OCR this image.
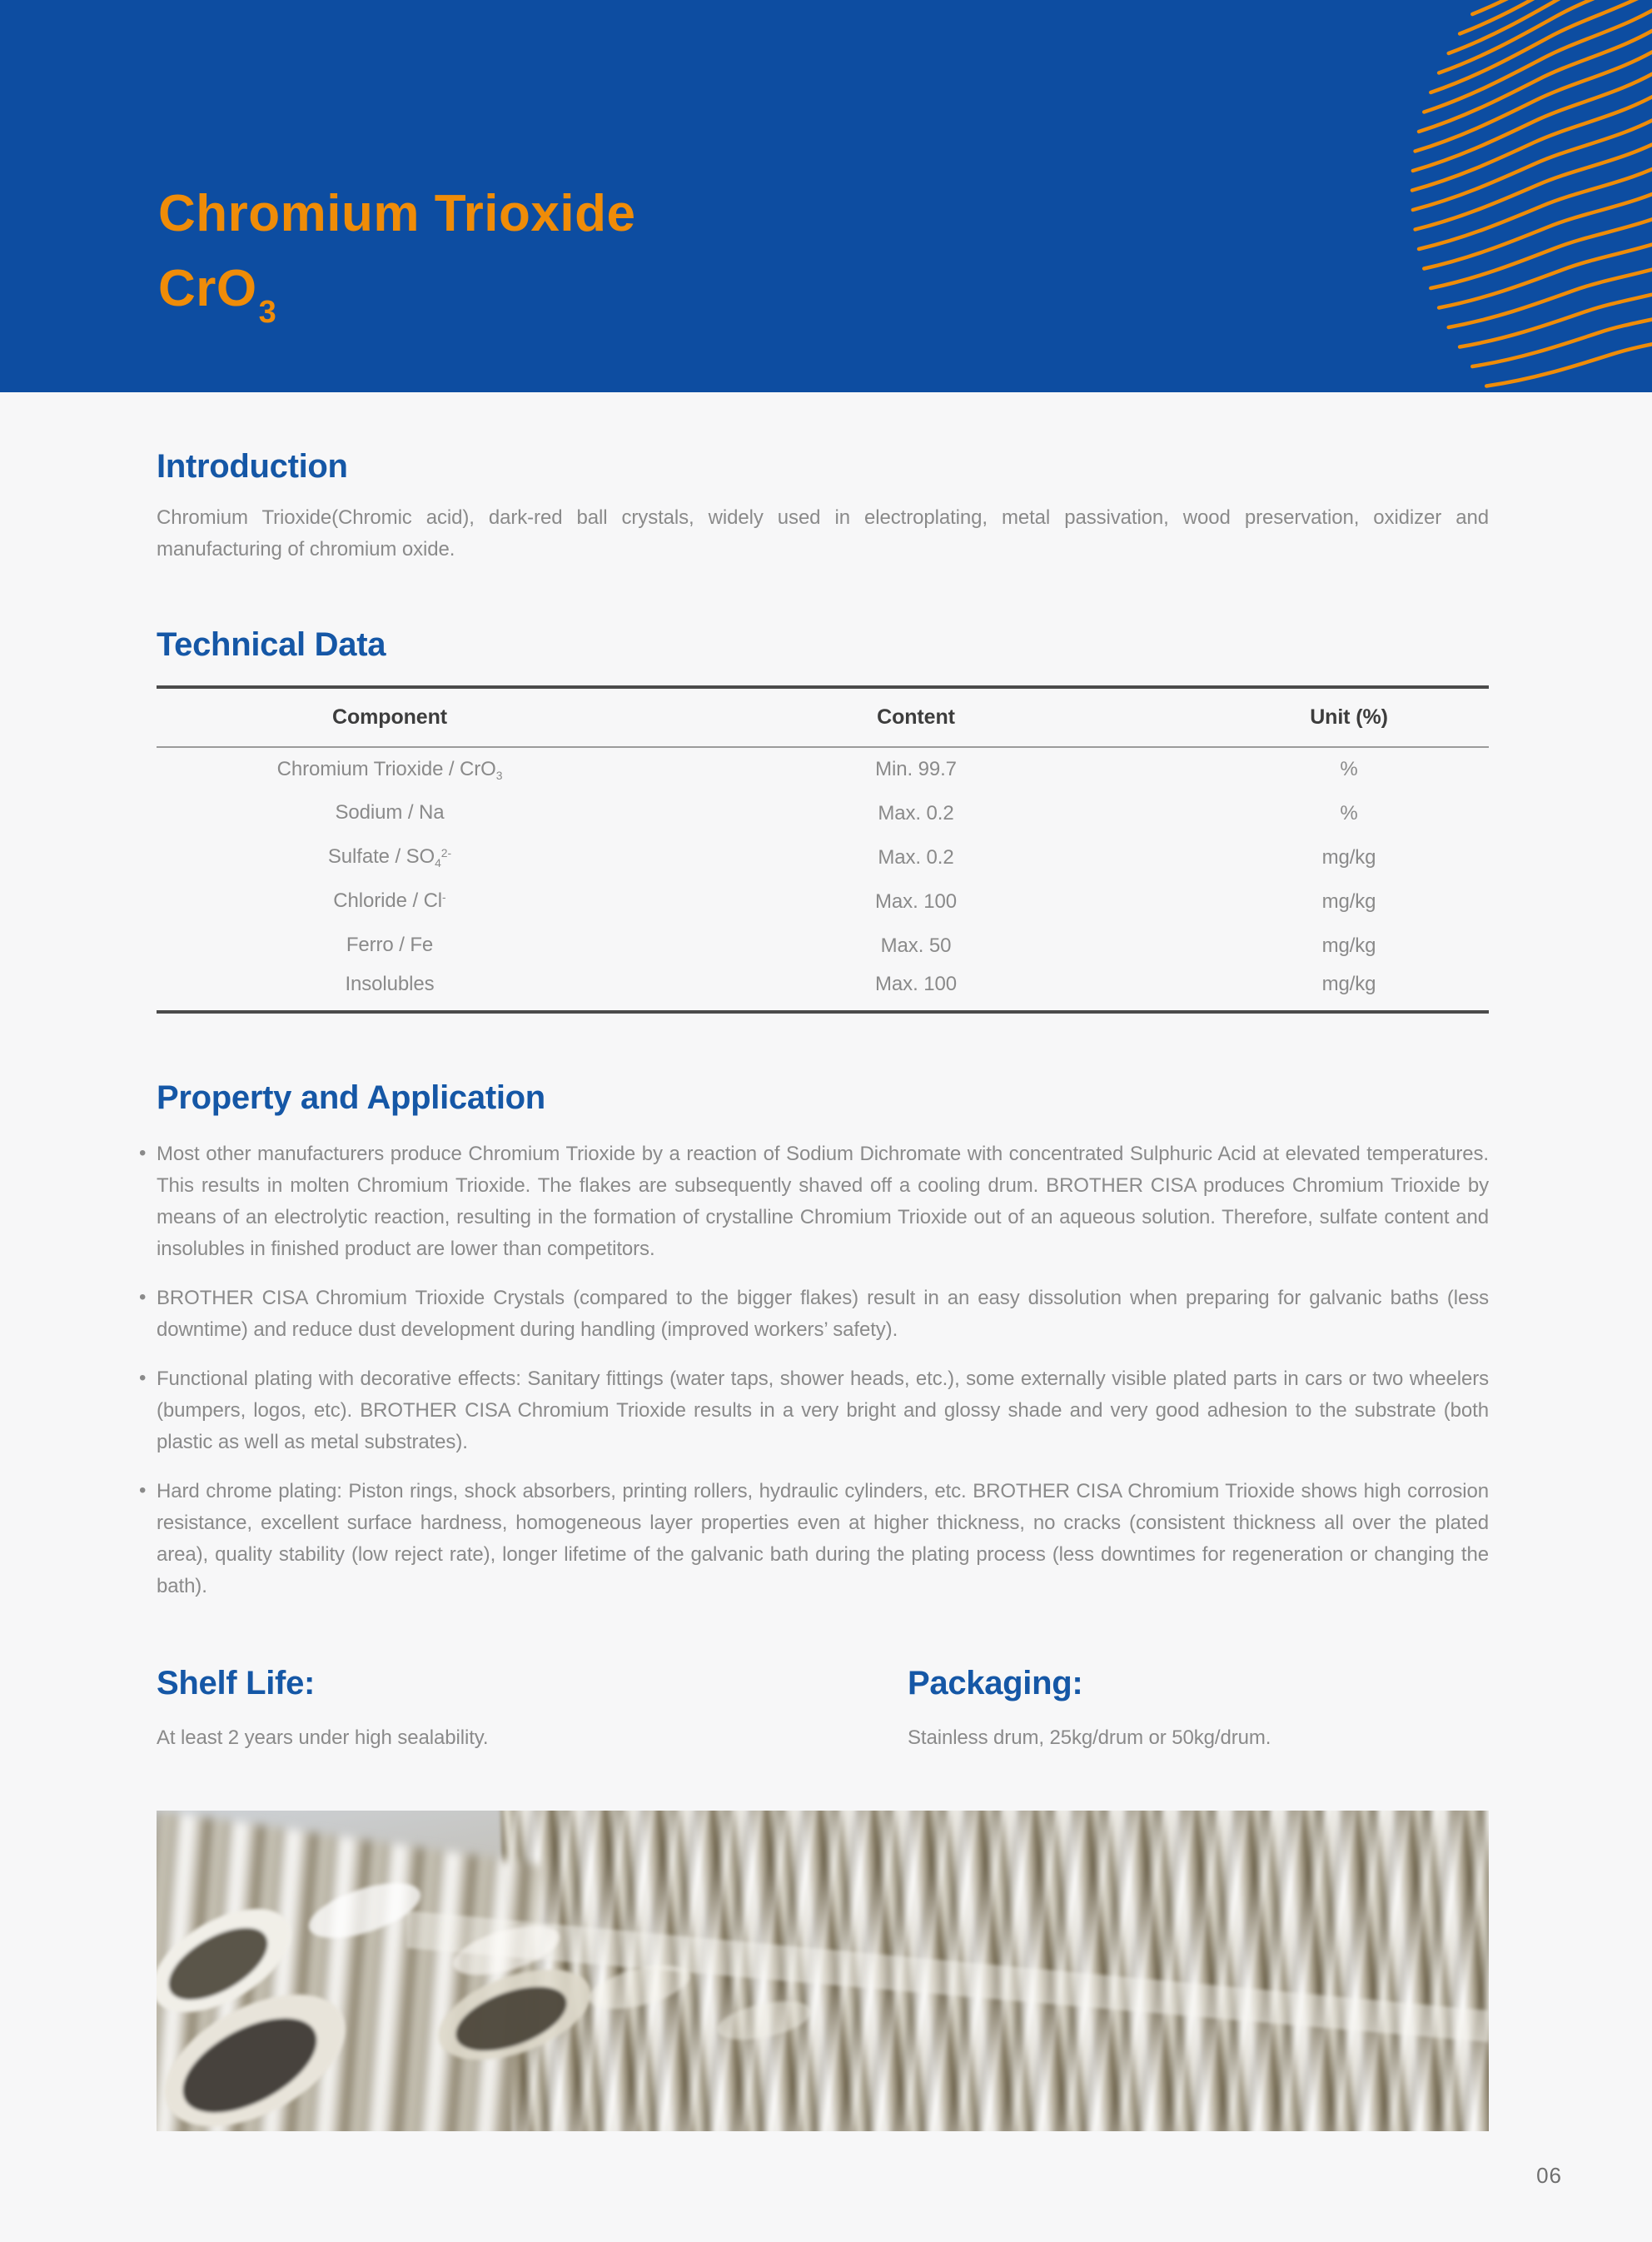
Chromium Trioxide
CrO$_3$
Introduction

Chromium Trioxide(Chromic acid), dark-red ball crystals, widely used in electroplating, metal passivation, wood preservation, oxidizer and manufacturing of chromium oxide.

Technical Data
Component	Content	Unit (%)
Chromium Trioxide / CrO$_3$	Min. 99.7	%
Sodium / Na	Max. 0.2	%
Sulfate / $SO_4^{2-}$	Max. 0.2	mg/kg
Chloride / Cl-	Max. 100	mg/kg
Ferro / Fe	Max. 50	mg/kg
Insolubles	Max. 100	mg/kg
Property and Application
• Most other manufacturers produce Chromium Trioxide by a reaction of Sodium Dichromate with concentrated Sulphuric Acid at elevated temperatures. This results in molten Chromium Trioxide. The flakes are subsequently shaved off a cooling drum. BROTHER CISA produces Chromium Trioxide by means of an electrolytic reaction, resulting in the formation of crystalline Chromium Trioxide out of an aqueous solution. Therefore, sulfate content and insolubles in finished product are lower than competitors.
• BROTHER CISA Chromium Trioxide Crystals (compared to the bigger flakes) result in an easy dissolution when preparing for galvanic baths (less downtime) and reduce dust development during handling (improved workers’ safety).
• Functional plating with decorative effects: Sanitary fittings (water taps, shower heads, etc.), some externally visible plated parts in cars or two wheelers (bumpers, logos, etc). BROTHER CISA Chromium Trioxide results in a very bright and glossy shade and very good adhesion to the substrate (both plastic as well as metal substrates).
• Hard chrome plating: Piston rings, shock absorbers, printing rollers, hydraulic cylinders, etc. BROTHER CISA Chromium Trioxide shows high corrosion resistance, excellent surface hardness, homogeneous layer properties even at higher thickness, no cracks (consistent thickness all over the plated area), quality stability (low reject rate), longer lifetime of the galvanic bath during the plating process (less downtimes for regeneration or changing the bath).
Shelf Life:

At least 2 years under high sealability.

Packaging:

Stainless drum, 25kg/drum or 50kg/drum.

06
